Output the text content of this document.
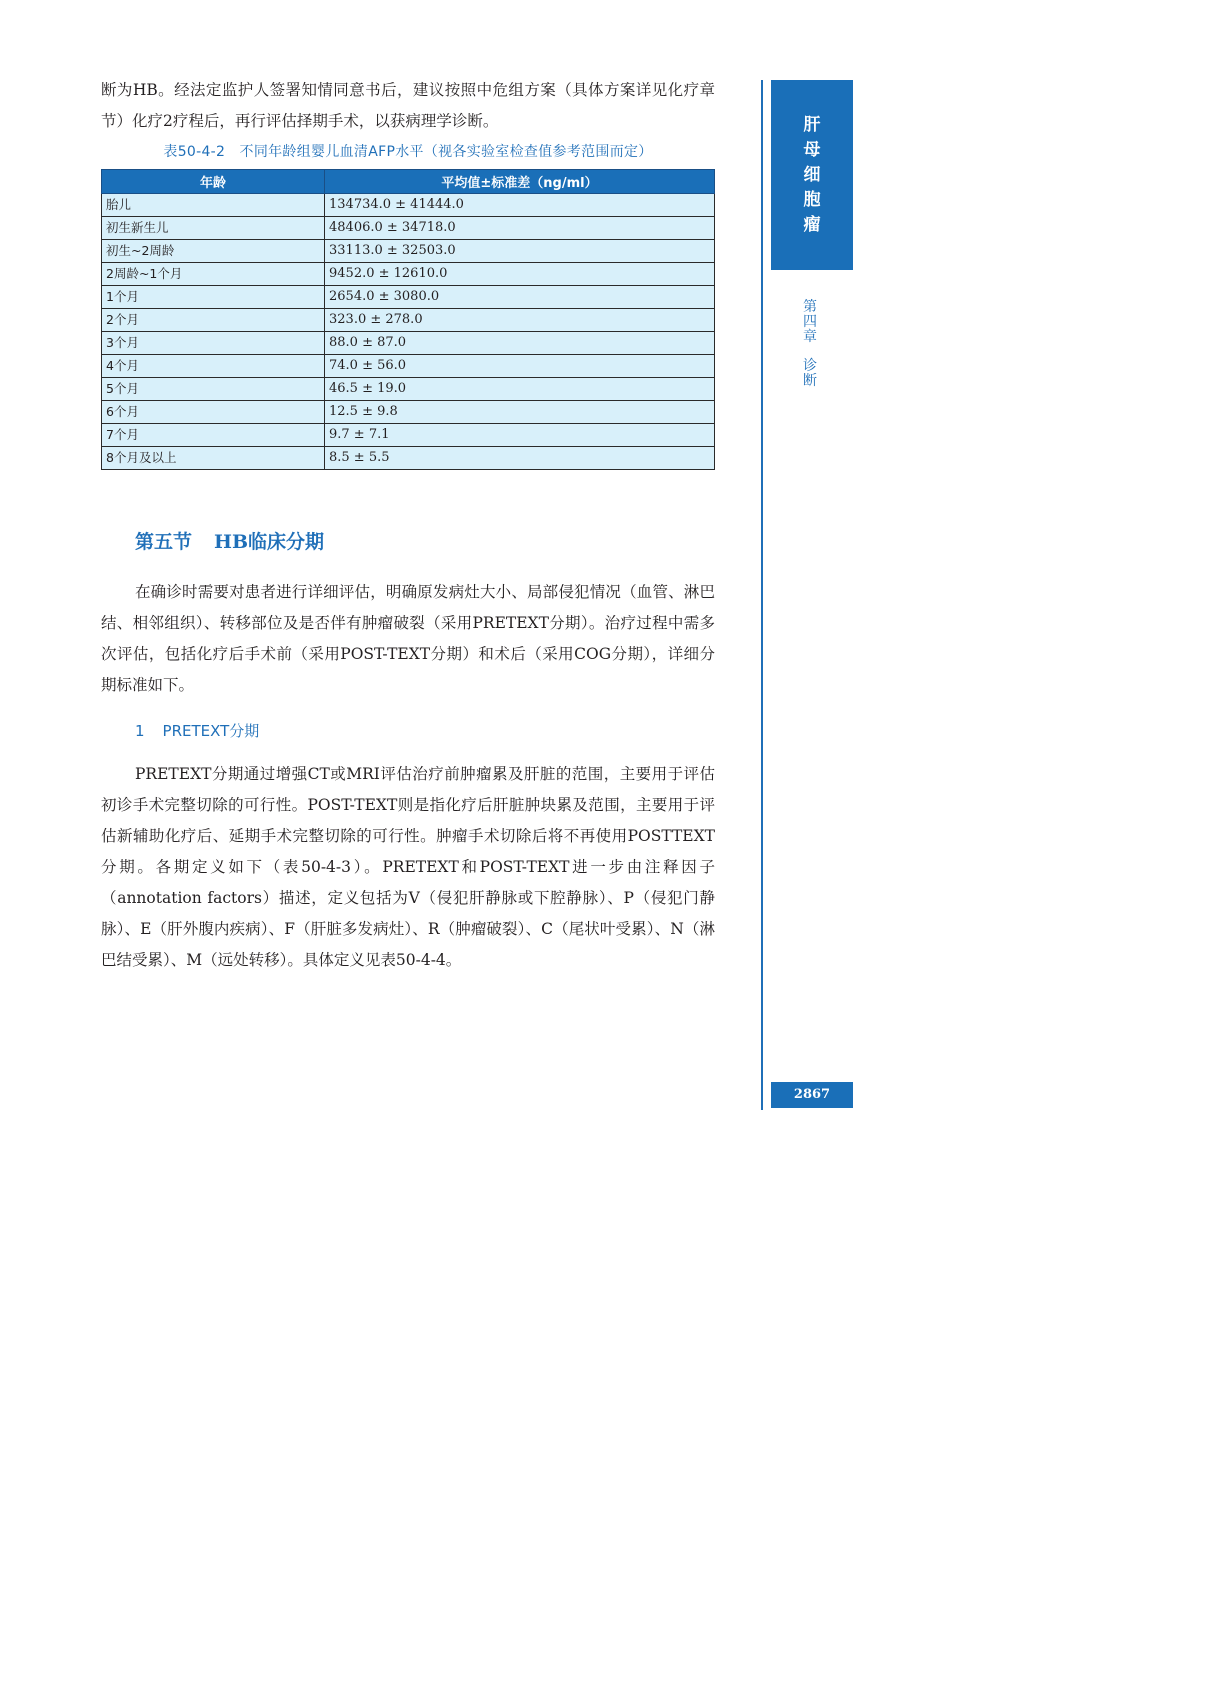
断为HB。经法定监护人签署知情同意书后，建议按照中危组方案（具体方案详见化疗章节）化疗2疗程后，再行评估择期手术，以获病理学诊断。

表50-4-2　不同年龄组婴儿血清AFP水平（视各实验室检查值参考范围而定）
年龄	平均值±标准差（ng/ml）
胎儿	134734.0 ± 41444.0
初生新生儿	48406.0 ± 34718.0
初生~2周龄	33113.0 ± 32503.0
2周龄~1个月	9452.0 ± 12610.0
1个月	2654.0 ± 3080.0
2个月	323.0 ± 278.0
3个月	88.0 ± 87.0
4个月	74.0 ± 56.0
5个月	46.5 ± 19.0
6个月	12.5 ± 9.8
7个月	9.7 ± 7.1
8个月及以上	8.5 ± 5.5
第五节 HB临床分期

在确诊时需要对患者进行详细评估，明确原发病灶大小、局部侵犯情况（血管、淋巴结、相邻组织）、转移部位及是否伴有肿瘤破裂（采用PRETEXT分期）。治疗过程中需多次评估，包括化疗后手术前（采用POST-TEXT分期）和术后（采用COG分期），详细分期标准如下。

1 PRETEXT分期

PRETEXT分期通过增强CT或MRI评估治疗前肿瘤累及肝脏的范围，主要用于评估初诊手术完整切除的可行性。POST-TEXT则是指化疗后肝脏肿块累及范围，主要用于评估新辅助化疗后、延期手术完整切除的可行性。肿瘤手术切除后将不再使用POSTTEXT分期。各期定义如下（表50-4-3）。PRETEXT和POST-TEXT进一步由注释因子（annotation factors）描述，定义包括为V（侵犯肝静脉或下腔静脉）、P（侵犯门静脉）、E（肝外腹内疾病）、F（肝脏多发病灶）、R（肿瘤破裂）、C（尾状叶受累）、N（淋巴结受累）、M（远处转移）。具体定义见表50-4-4。

肝
母
细
胞
瘤
第
四
章
诊
断
2867
